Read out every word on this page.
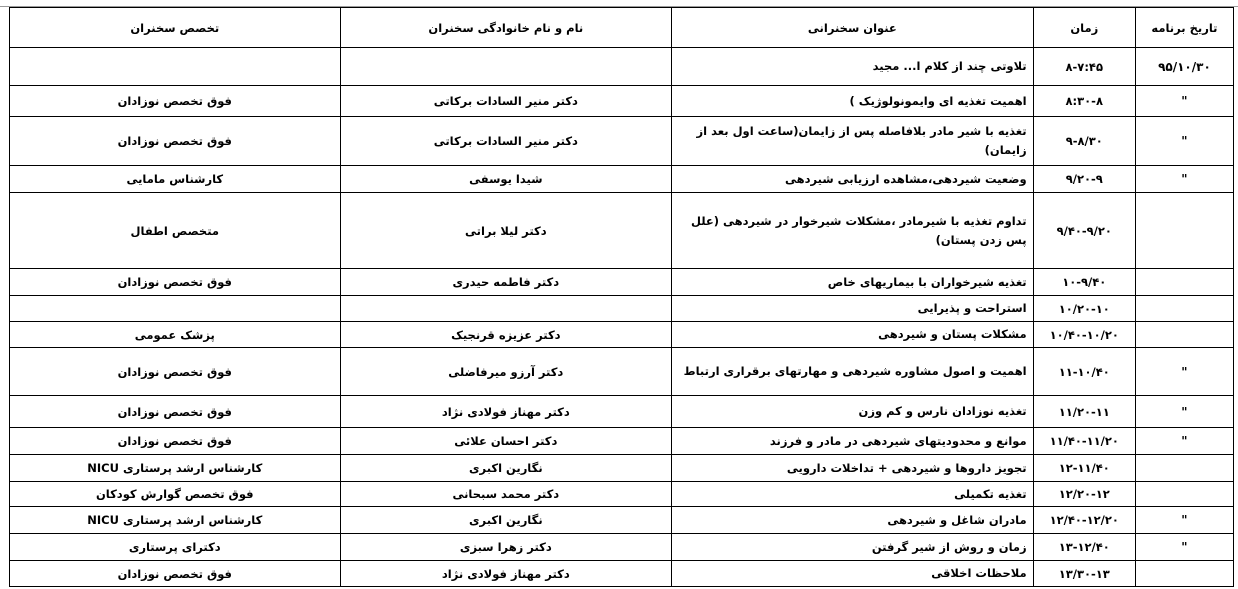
تاریخ برنامه	زمان	عنوان سخنرانی	نام و نام خانوادگی سخنران	تخصص سخنران
۹۵/۱۰/۳۰	۸-۷:۴۵	تلاوتی چند از کلام ا... مجید		
"	۸:۳۰-۸	اهمیت تغذیه ای وایمونولوژیک )	دکتر منیر السادات برکاتی	فوق تخصص نوزادان
"	۹-۸/۳۰	تغذیه با شیر مادر بلافاصله پس از زایمان(ساعت اول بعد از زایمان)	دکتر منیر السادات برکاتی	فوق تخصص نوزادان
"	۹/۲۰-۹	وضعیت شیردهی،مشاهده ارزیابی شیردهی	شیدا یوسفی	کارشناس مامایی
	۹/۴۰-۹/۲۰	تداوم تغذیه با شیرمادر ،مشکلات شیرخوار در شیردهی (علل پس زدن پستان)	دکتر لیلا براتی	متخصص اطفال
	۱۰-۹/۴۰	تغذیه شیرخواران با بیماریهای خاص	دکتر فاطمه حیدری	فوق تخصص نوزادان
	۱۰/۲۰-۱۰	استراحت و پذیرایی		
	۱۰/۴۰-۱۰/۲۰	مشکلات پستان و شیردهی	دکتر عزیزه قرنجیک	پزشک عمومی
"	۱۱-۱۰/۴۰	اهمیت و اصول مشاوره شیردهی و مهارتهای برقراری ارتباط	دکتر آرزو میرفاضلی	فوق تخصص نوزادان
"	۱۱/۲۰-۱۱	تغذیه نوزادان نارس و کم وزن	دکتر مهناز فولادی نژاد	فوق تخصص نوزادان
"	۱۱/۴۰-۱۱/۲۰	موانع و محدودیتهای شیردهی در مادر و فرزند	دکتر احسان علائی	فوق تخصص نوزادان
	۱۲-۱۱/۴۰	تجویز داروها و شیردهی + تداخلات دارویی	نگارین اکبری	کارشناس ارشد پرستاری NICU
	۱۲/۲۰-۱۲	تغذیه تکمیلی	دکتر محمد سبحانی	فوق تخصص گوارش کودکان
"	۱۲/۴۰-۱۲/۲۰	مادران شاغل و شیردهی	نگارین اکبری	کارشناس ارشد پرستاری NICU
"	۱۳-۱۲/۴۰	زمان و روش از شیر گرفتن	دکتر زهرا سبزی	دکترای پرستاری
	۱۳/۳۰-۱۳	ملاحظات اخلاقی	دکتر مهناز فولادی نژاد	فوق تخصص نوزادان
